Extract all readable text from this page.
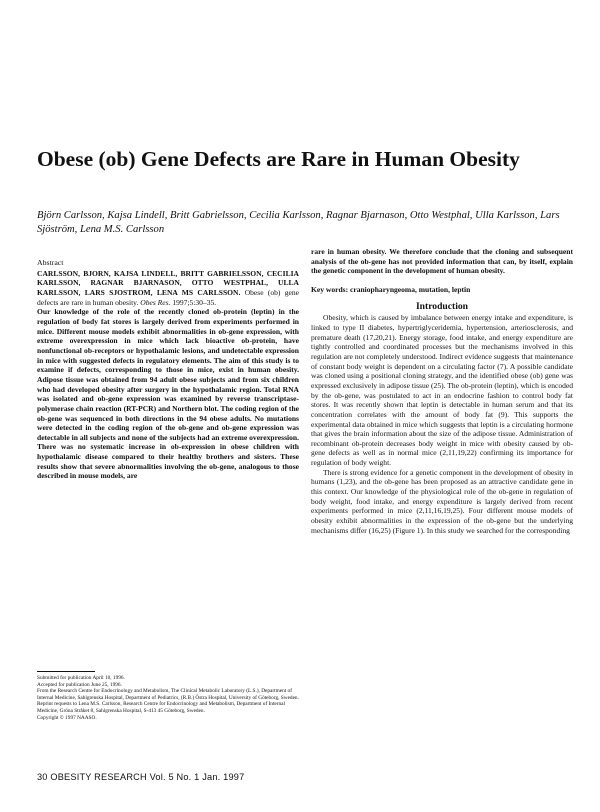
Obese (ob) Gene Defects are Rare in Human Obesity
Björn Carlsson, Kajsa Lindell, Britt Gabrielsson, Cecilia Karlsson, Ragnar Bjarnason, Otto Westphal, Ulla Karlsson, Lars Sjöström, Lena M.S. Carlsson
Abstract

CARLSSON, BJORN, KAJSA LINDELL, BRITT GABRIELSSON, CECILIA KARLSSON, RAGNAR BJARNASON, OTTO WESTPHAL, ULLA KARLSSON, LARS SJOSTROM, LENA MS CARLSSON. Obese (ob) gene defects are rare in human obesity. Obes Res. 1997;5:30–35.

Our knowledge of the role of the recently cloned ob-protein (leptin) in the regulation of body fat stores is largely derived from experiments performed in mice. Different mouse models exhibit abnormalities in ob-gene expression, with extreme overexpression in mice which lack bioactive ob-protein, have nonfunctional ob-receptors or hypothalamic lesions, and undetectable expression in mice with suggested defects in regulatory elements. The aim of this study is to examine if defects, corresponding to those in mice, exist in human obesity. Adipose tissue was obtained from 94 adult obese subjects and from six children who had developed obesity after surgery in the hypothalamic region. Total RNA was isolated and ob-gene expression was examined by reverse transcriptase-polymerase chain reaction (RT-PCR) and Northern blot. The coding region of the ob-gene was sequenced in both directions in the 94 obese adults. No mutations were detected in the coding region of the ob-gene and ob-gene expression was detectable in all subjects and none of the subjects had an extreme overexpression. There was no systematic increase in ob-expression in obese children with hypothalamic disease compared to their healthy brothers and sisters. These results show that severe abnormalities involving the ob-gene, analogous to those described in mouse models, are

rare in human obesity. We therefore conclude that the cloning and subsequent analysis of the ob-gene has not provided information that can, by itself, explain the genetic component in the development of human obesity.

Key words: craniopharyngeoma, mutation, leptin

Introduction

Obesity, which is caused by imbalance between energy intake and expenditure, is linked to type II diabetes, hypertriglyceridemia, hypertension, arteriosclerosis, and premature death (17,20,21). Energy storage, food intake, and energy expenditure are tightly controlled and coordinated processes but the mechanisms involved in this regulation are not completely understood. Indirect evidence suggests that maintenance of constant body weight is dependent on a circulating factor (7). A possible candidate was cloned using a positional cloning strategy, and the identified obese (ob) gene was expressed exclusively in adipose tissue (25). The ob-protein (leptin), which is encoded by the ob-gene, was postulated to act in an endocrine fashion to control body fat stores. It was recently shown that leptin is detectable in human serum and that its concentration correlates with the amount of body fat (9). This supports the experimental data obtained in mice which suggests that leptin is a circulating hormone that gives the brain information about the size of the adipose tissue. Administration of recombinant ob-protein decreases body weight in mice with obesity caused by ob-gene defects as well as in normal mice (2,11,19,22) confirming its importance for regulation of body weight.

There is strong evidence for a genetic component in the development of obesity in humans (1,23), and the ob-gene has been proposed as an attractive candidate gene in this context. Our knowledge of the physiological role of the ob-gene in regulation of body weight, food intake, and energy expenditure is largely derived from recent experiments performed in mice (2,11,16,19,25). Four different mouse models of obesity exhibit abnormalities in the expression of the ob-gene but the underlying mechanisms differ (16,25) (Figure 1). In this study we searched for the corresponding

Submitted for publication April 10, 1996.
Accepted for publication June 25, 1996.
From the Research Centre for Endocrinology and Metabolism, The Clinical Metabolic Laboratory (L.S.), Department of Internal Medicine, Sahlgrenska Hospital, Department of Pediatrics, (R.B.) Östra Hospital, University of Göteborg, Sweden.
Reprint requests to Lena M.S. Carlsson, Research Centre for Endocrinology and Metabolism, Department of Internal Medicine, Gröna Stråket 8, Sahlgrenska Hospital, S-413 45 Göteborg, Sweden.
Copyright © 1997 NAASO.
30 OBESITY RESEARCH Vol. 5 No. 1 Jan. 1997
